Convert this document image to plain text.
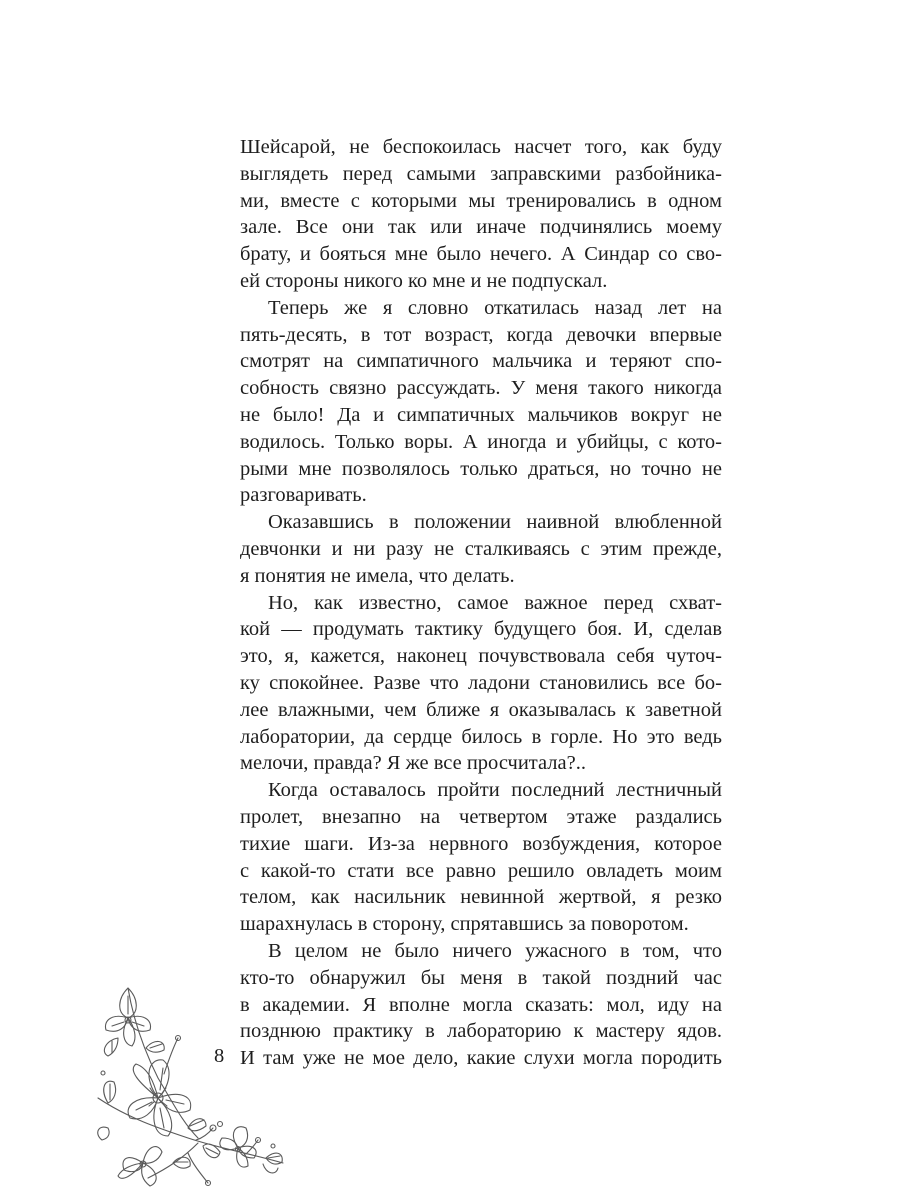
Шейсарой, не беспокоилась насчет того, как буду
выглядеть перед самыми заправскими разбойника-
ми, вместе с которыми мы тренировались в одном
зале. Все они так или иначе подчинялись моему
брату, и бояться мне было нечего. А Синдар со сво-
ей стороны никого ко мне и не подпускал.
Теперь же я словно откатилась назад лет на
пять-десять, в тот возраст, когда девочки впервые
смотрят на симпатичного мальчика и теряют спо-
собность связно рассуждать. У меня такого никогда
не было! Да и симпатичных мальчиков вокруг не
водилось. Только воры. А иногда и убийцы, с кото-
рыми мне позволялось только драться, но точно не
разговаривать.
Оказавшись в положении наивной влюбленной
девчонки и ни разу не сталкиваясь с этим прежде,
я понятия не имела, что делать.
Но, как известно, самое важное перед схват-
кой — продумать тактику будущего боя. И, сделав
это, я, кажется, наконец почувствовала себя чуточ-
ку спокойнее. Разве что ладони становились все бо-
лее влажными, чем ближе я оказывалась к заветной
лаборатории, да сердце билось в горле. Но это ведь
мелочи, правда? Я же все просчитала?..
Когда оставалось пройти последний лестничный
пролет, внезапно на четвертом этаже раздались
тихие шаги. Из-за нервного возбуждения, которое
с какой-то стати все равно решило овладеть моим
телом, как насильник невинной жертвой, я резко
шарахнулась в сторону, спрятавшись за поворотом.
В целом не было ничего ужасного в том, что
кто-то обнаружил бы меня в такой поздний час
в академии. Я вполне могла сказать: мол, иду на
позднюю практику в лабораторию к мастеру ядов.
И там уже не мое дело, какие слухи могла породить
8
